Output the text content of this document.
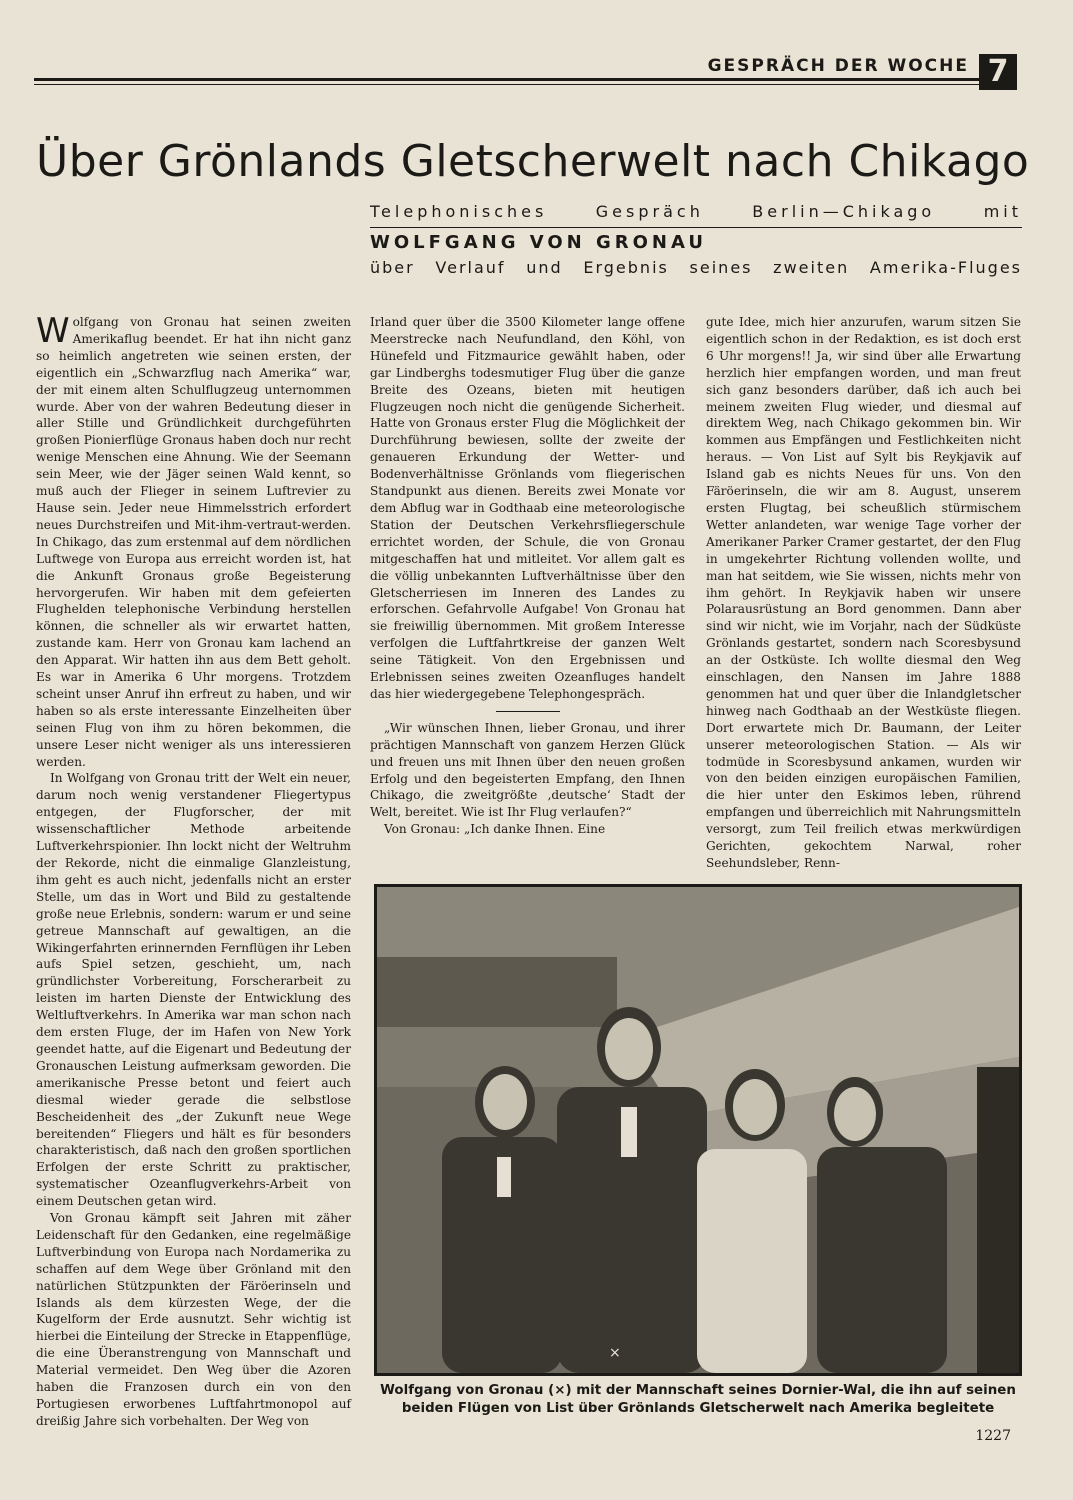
GESPRÄCH DER WOCHE 7
Über Grönlands Gletscherwelt nach Chikago
Telephonisches Gespräch Berlin—Chikago mit
WOLFGANG VON GRONAU
über Verlauf und Ergebnis seines zweiten Amerika-Fluges

Wolfgang von Gronau hat seinen zweiten Amerikaflug beendet. Er hat ihn nicht ganz so heimlich angetreten wie seinen ersten, der eigentlich ein „Schwarzflug nach Amerika“ war, der mit einem alten Schulflugzeug unternommen wurde. Aber von der wahren Bedeutung dieser in aller Stille und Gründlichkeit durchgeführten großen Pionierflüge Gronaus haben doch nur recht wenige Menschen eine Ahnung. Wie der Seemann sein Meer, wie der Jäger seinen Wald kennt, so muß auch der Flieger in seinem Luftrevier zu Hause sein. Jeder neue Himmelsstrich erfordert neues Durchstreifen und Mit-ihm-vertraut-werden. In Chikago, das zum erstenmal auf dem nördlichen Luftwege von Europa aus erreicht worden ist, hat die Ankunft Gronaus große Begeisterung hervorgerufen. Wir haben mit dem gefeierten Flughelden telephonische Verbindung herstellen können, die schneller als wir erwartet hatten, zustande kam. Herr von Gronau kam lachend an den Apparat. Wir hatten ihn aus dem Bett geholt. Es war in Amerika 6 Uhr morgens. Trotzdem scheint unser Anruf ihn erfreut zu haben, und wir haben so als erste interessante Einzelheiten über seinen Flug von ihm zu hören bekommen, die unsere Leser nicht weniger als uns interessieren werden.

In Wolfgang von Gronau tritt der Welt ein neuer, darum noch wenig verstandener Fliegertypus entgegen, der Flugforscher, der mit wissenschaftlicher Methode arbeitende Luftverkehrspionier. Ihn lockt nicht der Weltruhm der Rekorde, nicht die einmalige Glanzleistung, ihm geht es auch nicht, jedenfalls nicht an erster Stelle, um das in Wort und Bild zu gestaltende große neue Erlebnis, sondern: warum er und seine getreue Mannschaft auf gewaltigen, an die Wikingerfahrten erinnernden Fernflügen ihr Leben aufs Spiel setzen, geschieht, um, nach gründlichster Vorbereitung, Forscherarbeit zu leisten im harten Dienste der Entwicklung des Weltluftverkehrs. In Amerika war man schon nach dem ersten Fluge, der im Hafen von New York geendet hatte, auf die Eigenart und Bedeutung der Gronauschen Leistung aufmerksam geworden. Die amerikanische Presse betont und feiert auch diesmal wieder gerade die selbstlose Bescheidenheit des „der Zukunft neue Wege bereitenden“ Fliegers und hält es für besonders charakteristisch, daß nach den großen sportlichen Erfolgen der erste Schritt zu praktischer, systematischer Ozeanflugverkehrs-Arbeit von einem Deutschen getan wird.

Von Gronau kämpft seit Jahren mit zäher Leidenschaft für den Gedanken, eine regelmäßige Luftverbindung von Europa nach Nordamerika zu schaffen auf dem Wege über Grönland mit den natürlichen Stützpunkten der Färöerinseln und Islands als dem kürzesten Wege, der die Kugelform der Erde ausnutzt. Sehr wichtig ist hierbei die Einteilung der Strecke in Etappenflüge, die eine Überanstrengung von Mannschaft und Material vermeidet. Den Weg über die Azoren haben die Franzosen durch ein von den Portugiesen erworbenes Luftfahrtmonopol auf dreißig Jahre sich vorbehalten. Der Weg von

Irland quer über die 3500 Kilometer lange offene Meerstrecke nach Neufundland, den Köhl, von Hünefeld und Fitzmaurice gewählt haben, oder gar Lindberghs todesmutiger Flug über die ganze Breite des Ozeans, bieten mit heutigen Flugzeugen noch nicht die genügende Sicherheit. Hatte von Gronaus erster Flug die Möglichkeit der Durchführung bewiesen, sollte der zweite der genaueren Erkundung der Wetter- und Bodenverhältnisse Grönlands vom fliegerischen Standpunkt aus dienen. Bereits zwei Monate vor dem Abflug war in Godthaab eine meteorologische Station der Deutschen Verkehrsfliegerschule errichtet worden, der Schule, die von Gronau mitgeschaffen hat und mitleitet. Vor allem galt es die völlig unbekannten Luftverhältnisse über den Gletscherriesen im Inneren des Landes zu erforschen. Gefahrvolle Aufgabe! Von Gronau hat sie freiwillig übernommen. Mit großem Interesse verfolgen die Luftfahrtkreise der ganzen Welt seine Tätigkeit. Von den Ergebnissen und Erlebnissen seines zweiten Ozeanfluges handelt das hier wiedergegebene Telephongespräch.

„Wir wünschen Ihnen, lieber Gronau, und ihrer prächtigen Mannschaft von ganzem Herzen Glück und freuen uns mit Ihnen über den neuen großen Erfolg und den begeisterten Empfang, den Ihnen Chikago, die zweitgrößte ‚deutsche‘ Stadt der Welt, bereitet. Wie ist Ihr Flug verlaufen?“

Von Gronau: „Ich danke Ihnen. Eine

gute Idee, mich hier anzurufen, warum sitzen Sie eigentlich schon in der Redaktion, es ist doch erst 6 Uhr morgens!! Ja, wir sind über alle Erwartung herzlich hier empfangen worden, und man freut sich ganz besonders darüber, daß ich auch bei meinem zweiten Flug wieder, und diesmal auf direktem Weg, nach Chikago gekommen bin. Wir kommen aus Empfängen und Festlichkeiten nicht heraus. — Von List auf Sylt bis Reykjavik auf Island gab es nichts Neues für uns. Von den Färöerinseln, die wir am 8. August, unserem ersten Flugtag, bei scheußlich stürmischem Wetter anlandeten, war wenige Tage vorher der Amerikaner Parker Cramer gestartet, der den Flug in umgekehrter Richtung vollenden wollte, und man hat seitdem, wie Sie wissen, nichts mehr von ihm gehört. In Reykjavik haben wir unsere Polarausrüstung an Bord genommen. Dann aber sind wir nicht, wie im Vorjahr, nach der Südküste Grönlands gestartet, sondern nach Scoresbysund an der Ostküste. Ich wollte diesmal den Weg einschlagen, den Nansen im Jahre 1888 genommen hat und quer über die Inlandgletscher hinweg nach Godthaab an der Westküste fliegen. Dort erwartete mich Dr. Baumann, der Leiter unserer meteorologischen Station. — Als wir todmüde in Scoresbysund ankamen, wurden wir von den beiden einzigen europäischen Familien, die hier unter den Eskimos leben, rührend empfangen und überreichlich mit Nahrungsmitteln versorgt, zum Teil freilich etwas merkwürdigen Gerichten, gekochtem Narwal, roher Seehundsleber, Renn-

×
Wolfgang von Gronau (×) mit der Mannschaft seines Dornier-Wal, die ihn auf seinen beiden Flügen von List über Grönlands Gletscherwelt nach Amerika begleitete
1227
